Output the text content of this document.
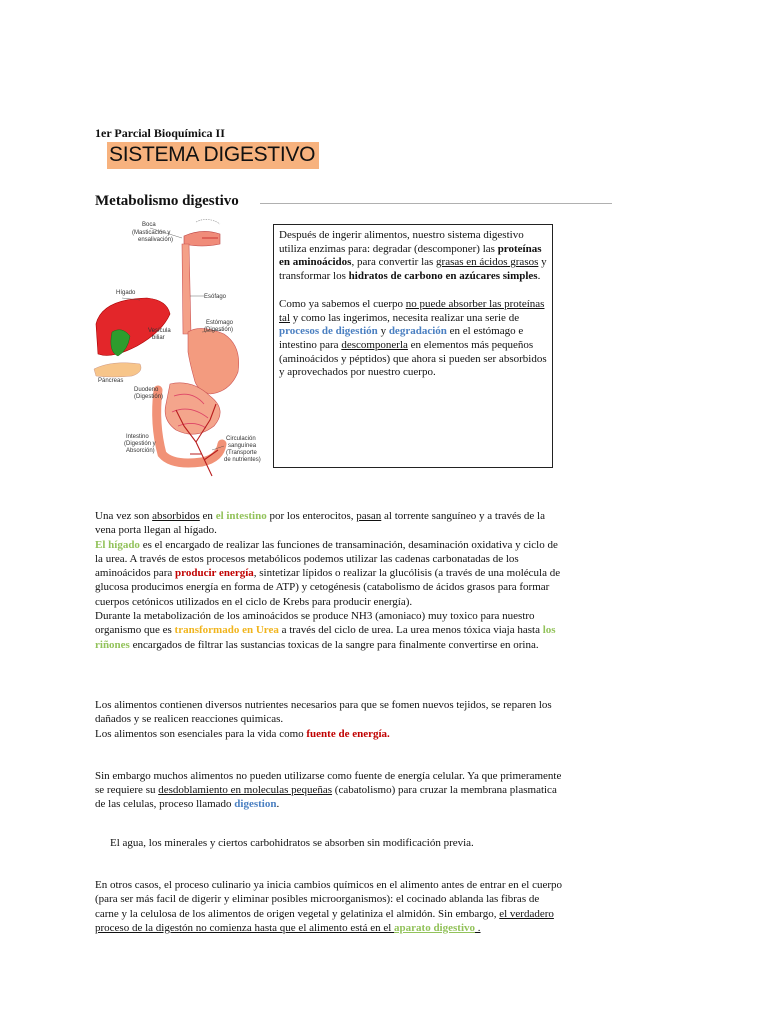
1er Parcial Bioquímica II
SISTEMA DIGESTIVO
Metabolismo digestivo
Boca
(Masticación y
ensalivación)
Hígado
Esófago
Estómago
(Digestión)
Vesícula
biliar
Páncreas
Duodeno
(Digestión)
Intestino
(Digestión y
Absorción)
Circulación
sanguínea
(Transporte
de nutrientes)

Después de ingerir alimentos, nuestro sistema digestivo utiliza enzimas para: degradar (descomponer) las proteínas en aminoácidos, para convertir las grasas en ácidos grasos y transformar los hidratos de carbono en azúcares simples.

Como ya sabemos el cuerpo no puede absorber las proteínas tal y como las ingerimos, necesita realizar una serie de procesos de digestión y degradación en el estómago e intestino para descomponerla en elementos más pequeños (aminoácidos y péptidos) que ahora si pueden ser absorbidos y aprovechados por nuestro cuerpo.

Una vez son absorbidos en el intestino por los enterocitos, pasan al torrente sanguíneo y a través de la vena porta llegan al hígado.

El hígado es el encargado de realizar las funciones de transaminación, desaminación oxidativa y ciclo de la urea. A través de estos procesos metabólicos podemos utilizar las cadenas carbonatadas de los aminoácidos para producir energía, sintetizar lípidos o realizar la glucólisis (a través de una molécula de glucosa producimos energía en forma de ATP) y cetogénesis (catabolismo de ácidos grasos para formar cuerpos cetónicos utilizados en el ciclo de Krebs para producir energía).

Durante la metabolización de los aminoácidos se produce NH3 (amoniaco) muy toxico para nuestro organismo que es transformado en Urea a través del ciclo de urea. La urea menos tóxica viaja hasta los riñones encargados de filtrar las sustancias toxicas de la sangre para finalmente convertirse en orina.

Los alimentos contienen diversos nutrientes necesarios para que se fomen nuevos tejidos, se reparen los dañados y se realicen reacciones quimicas.

Los alimentos son esenciales para la vida como fuente de energía.

Sin embargo muchos alimentos no pueden utilizarse como fuente de energía celular. Ya que primeramente se requiere su desdoblamiento en moleculas pequeñas (cabatolismo) para cruzar la membrana plasmatica de las celulas, proceso llamado digestion.

El agua, los minerales y ciertos carbohidratos se absorben sin modificación previa.

En otros casos, el proceso culinario ya inicia cambios químicos en el alimento antes de entrar en el cuerpo (para ser más facil de digerir y eliminar posibles microorganismos): el cocinado ablanda las fibras de carne y la celulosa de los alimentos de origen vegetal y gelatiniza el almidón. Sin embargo, el verdadero proceso de la digestón no comienza hasta que el alimento está en el aparato digestivo .
